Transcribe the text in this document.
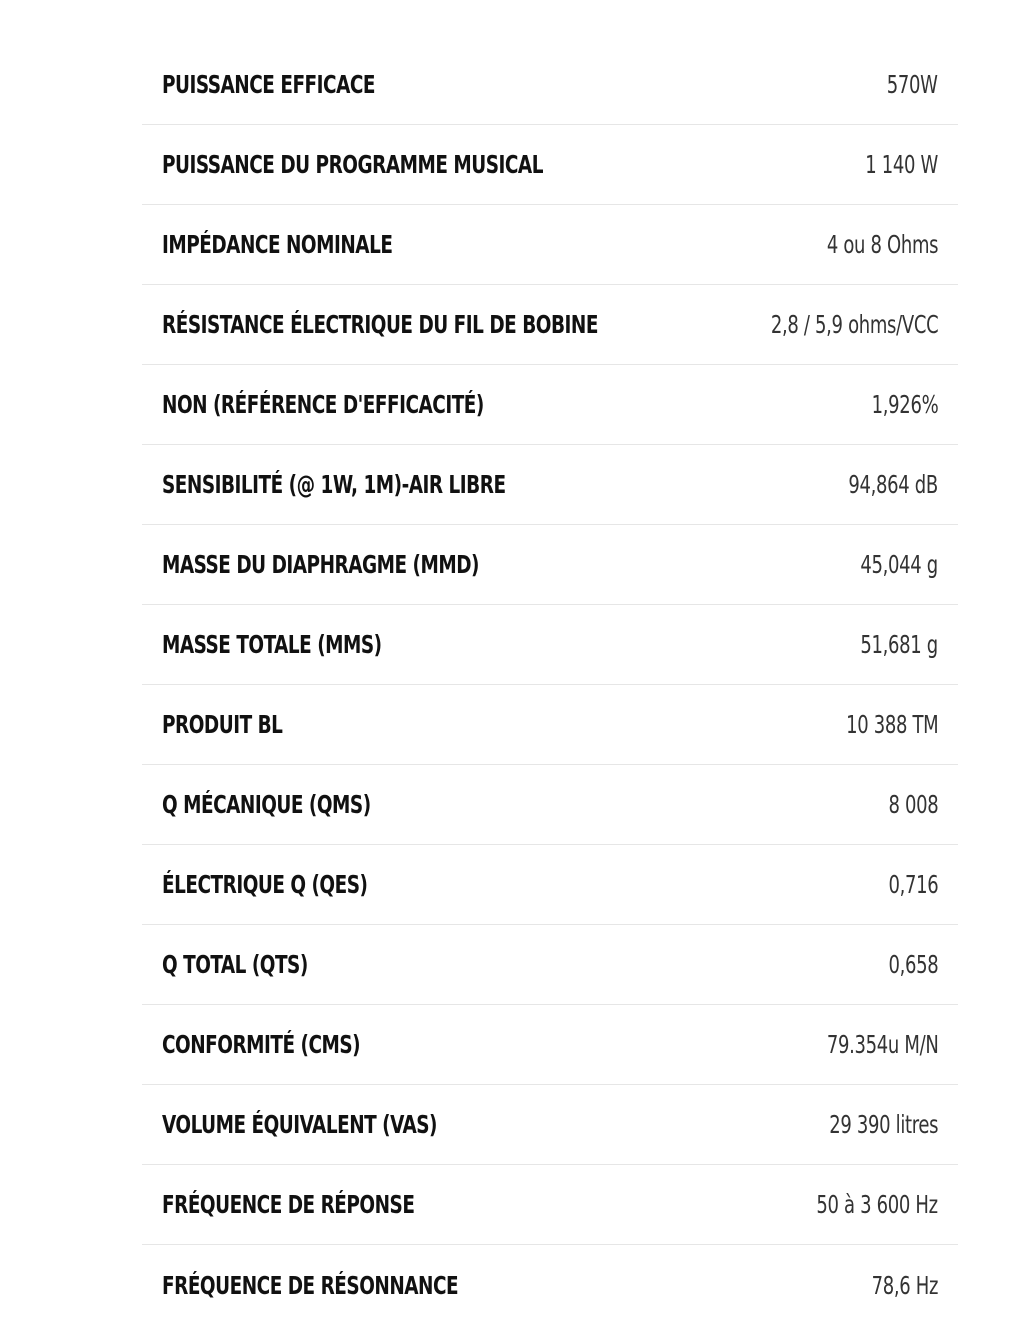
PUISSANCE EFFICACE	570W
PUISSANCE DU PROGRAMME MUSICAL	1 140 W
IMPÉDANCE NOMINALE	4 ou 8 Ohms
RÉSISTANCE ÉLECTRIQUE DU FIL DE BOBINE	2,8 / 5,9 ohms/VCC
NON (RÉFÉRENCE D'EFFICACITÉ)	1,926%
SENSIBILITÉ (@ 1W, 1M)-AIR LIBRE	94,864 dB
MASSE DU DIAPHRAGME (MMD)	45,044 g
MASSE TOTALE (MMS)	51,681 g
PRODUIT BL	10 388 TM
Q MÉCANIQUE (QMS)	8 008
ÉLECTRIQUE Q (QES)	0,716
Q TOTAL (QTS)	0,658
CONFORMITÉ (CMS)	79.354u M/N
VOLUME ÉQUIVALENT (VAS)	29 390 litres
FRÉQUENCE DE RÉPONSE	50 à 3 600 Hz
FRÉQUENCE DE RÉSONNANCE	78,6 Hz
